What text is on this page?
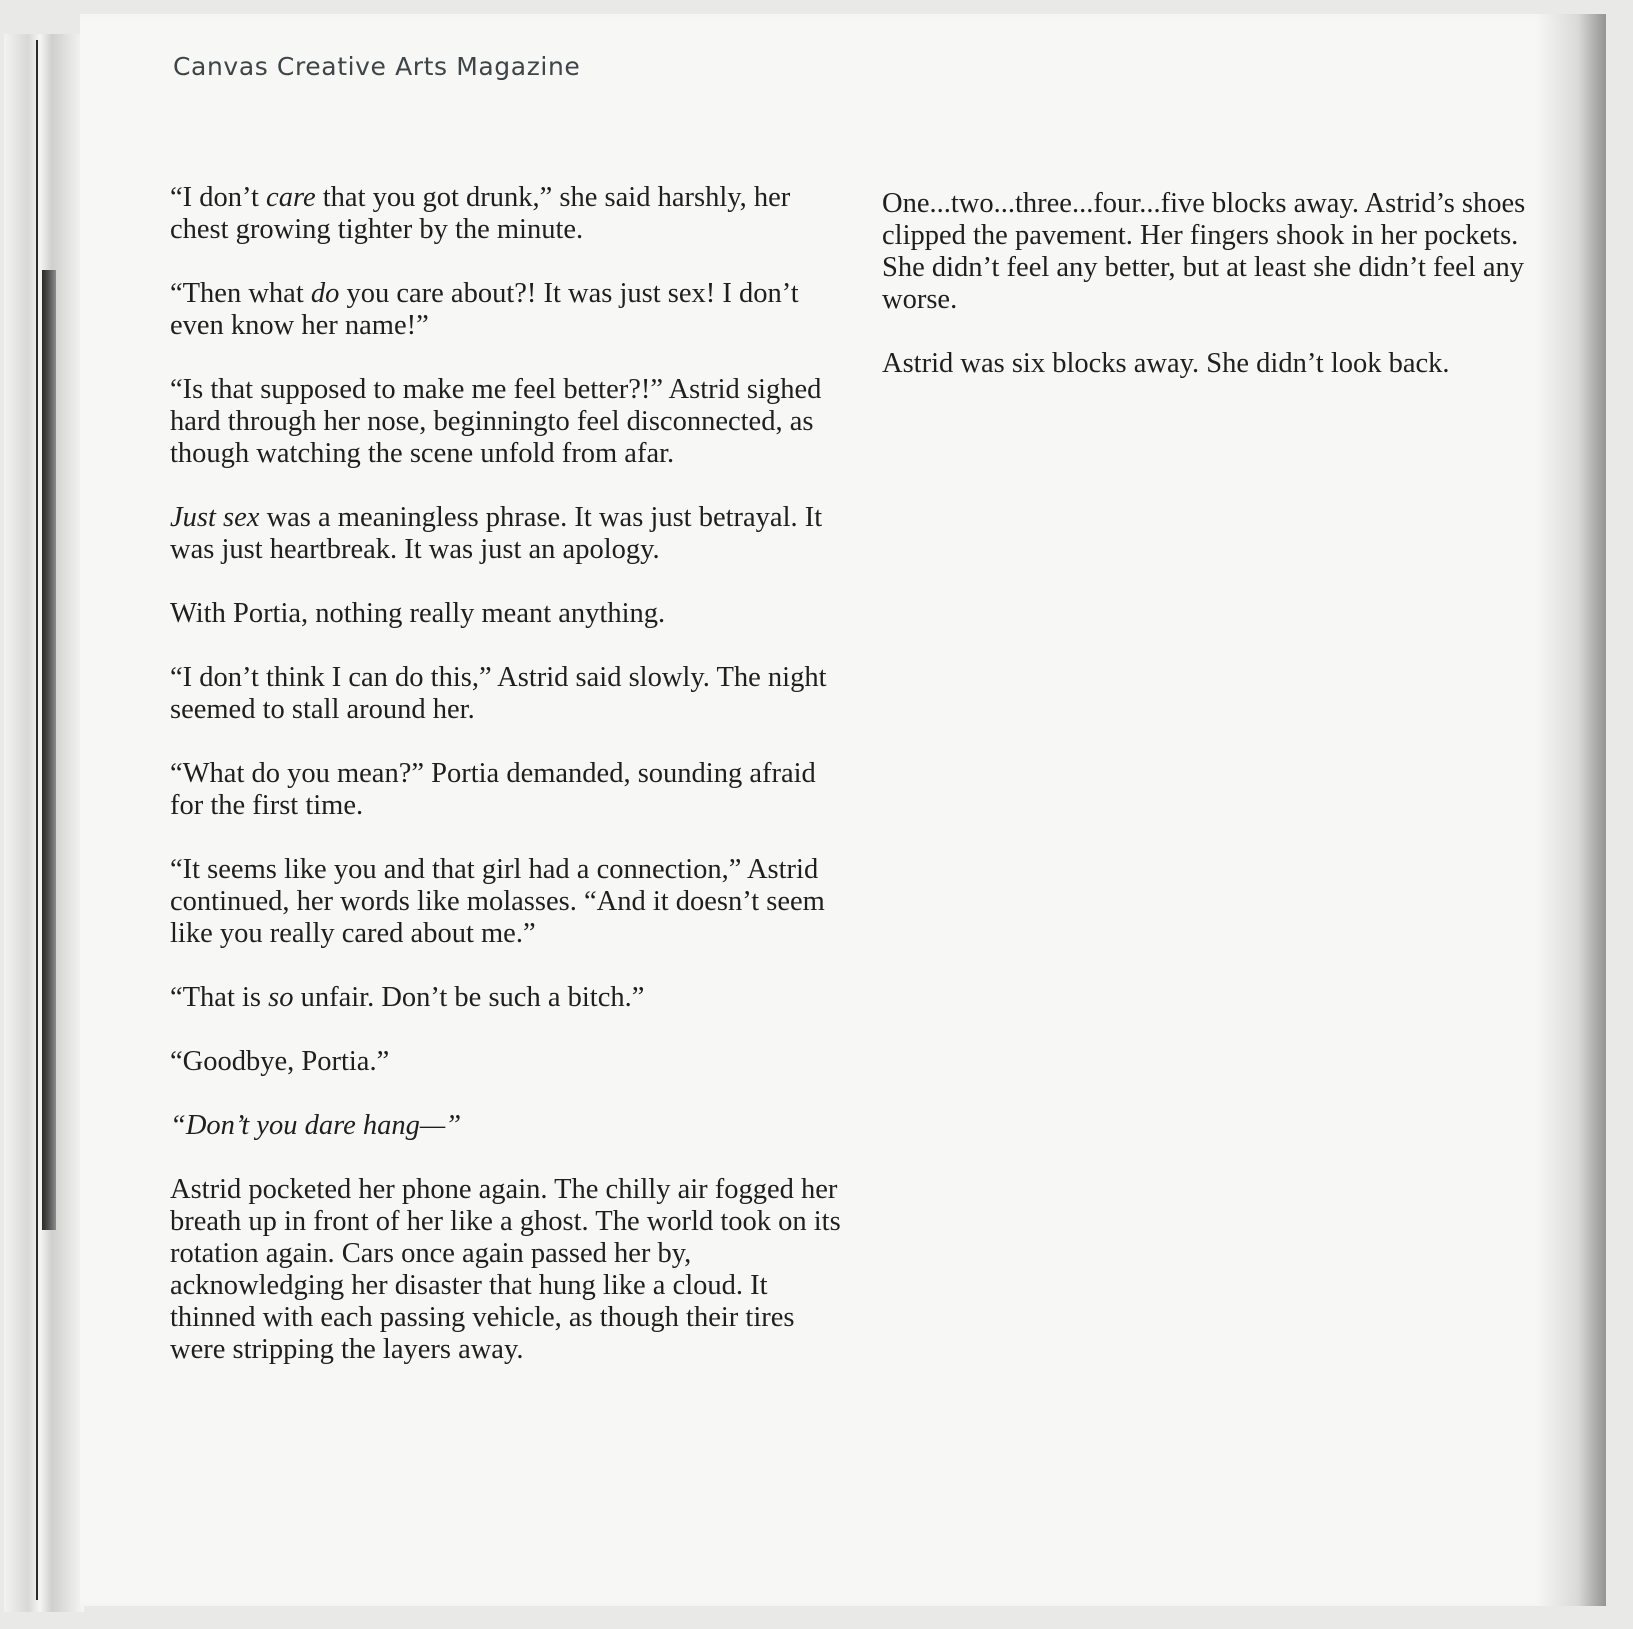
Canvas Creative Arts Magazine

“I don’t care that you got drunk,” she said harshly, her chest growing tighter by the minute.

“Then what do you care about?! It was just sex! I don’t even know her name!”

“Is that supposed to make me feel better?!” Astrid sighed hard through her nose, beginningto feel disconnected, as though watching the scene unfold from afar.

Just sex was a meaningless phrase. It was just betrayal. It was just heartbreak. It was just an apology.

With Portia, nothing really meant anything.

“I don’t think I can do this,” Astrid said slowly. The night seemed to stall around her.

“What do you mean?” Portia demanded, sounding afraid for the first time.

“It seems like you and that girl had a connection,” Astrid continued, her words like molasses. “And it doesn’t seem like you really cared about me.”

“That is so unfair. Don’t be such a bitch.”

“Goodbye, Portia.”

“Don’t you dare hang—”

Astrid pocketed her phone again. The chilly air fogged her breath up in front of her like a ghost. The world took on its rotation again. Cars once again passed her by, acknowledging her disaster that hung like a cloud. It thinned with each passing vehicle, as though their tires were stripping the layers away.

One...two...three...four...five blocks away. Astrid’s shoes clipped the pavement. Her fingers shook in her pockets. She didn’t feel any better, but at least she didn’t feel any worse.

Astrid was six blocks away. She didn’t look back.
